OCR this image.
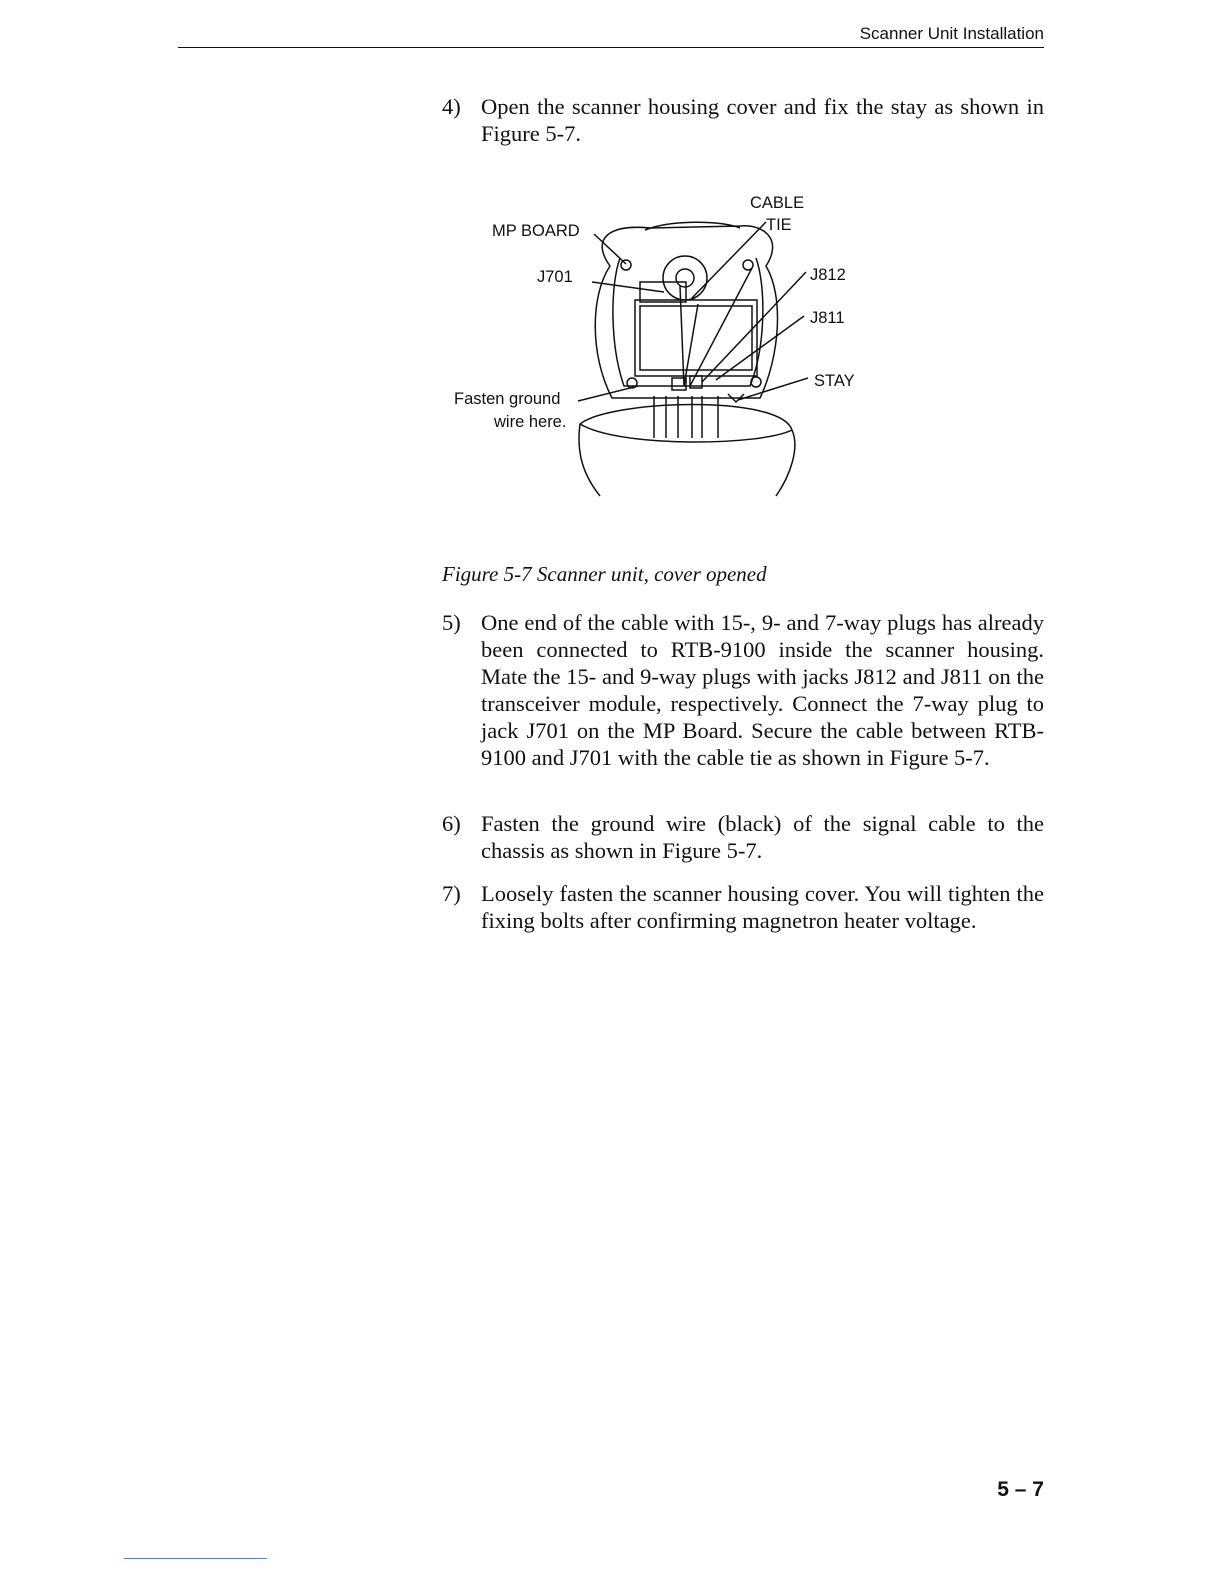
Scanner Unit Installation
4) Open the scanner housing cover and fix the stay as shown in Figure 5-7.
MP BOARD
CABLE
TIE
J701	J812
J811
STAY
Fasten ground
wire here.
Figure 5-7 Scanner unit, cover opened
5) One end of the cable with 15-, 9- and 7-way plugs has already been connected to RTB-9100 inside the scanner housing. Mate the 15- and 9-way plugs with jacks J812 and J811 on the transceiver module, respectively. Connect the 7-way plug to jack J701 on the MP Board. Secure the cable between RTB-9100 and J701 with the cable tie as shown in Figure 5-7.
6) Fasten the ground wire (black) of the signal cable to the chassis as shown in Figure 5-7.
7) Loosely fasten the scanner housing cover. You will tighten the fixing bolts after confirming magnetron heater voltage.
5 – 7
